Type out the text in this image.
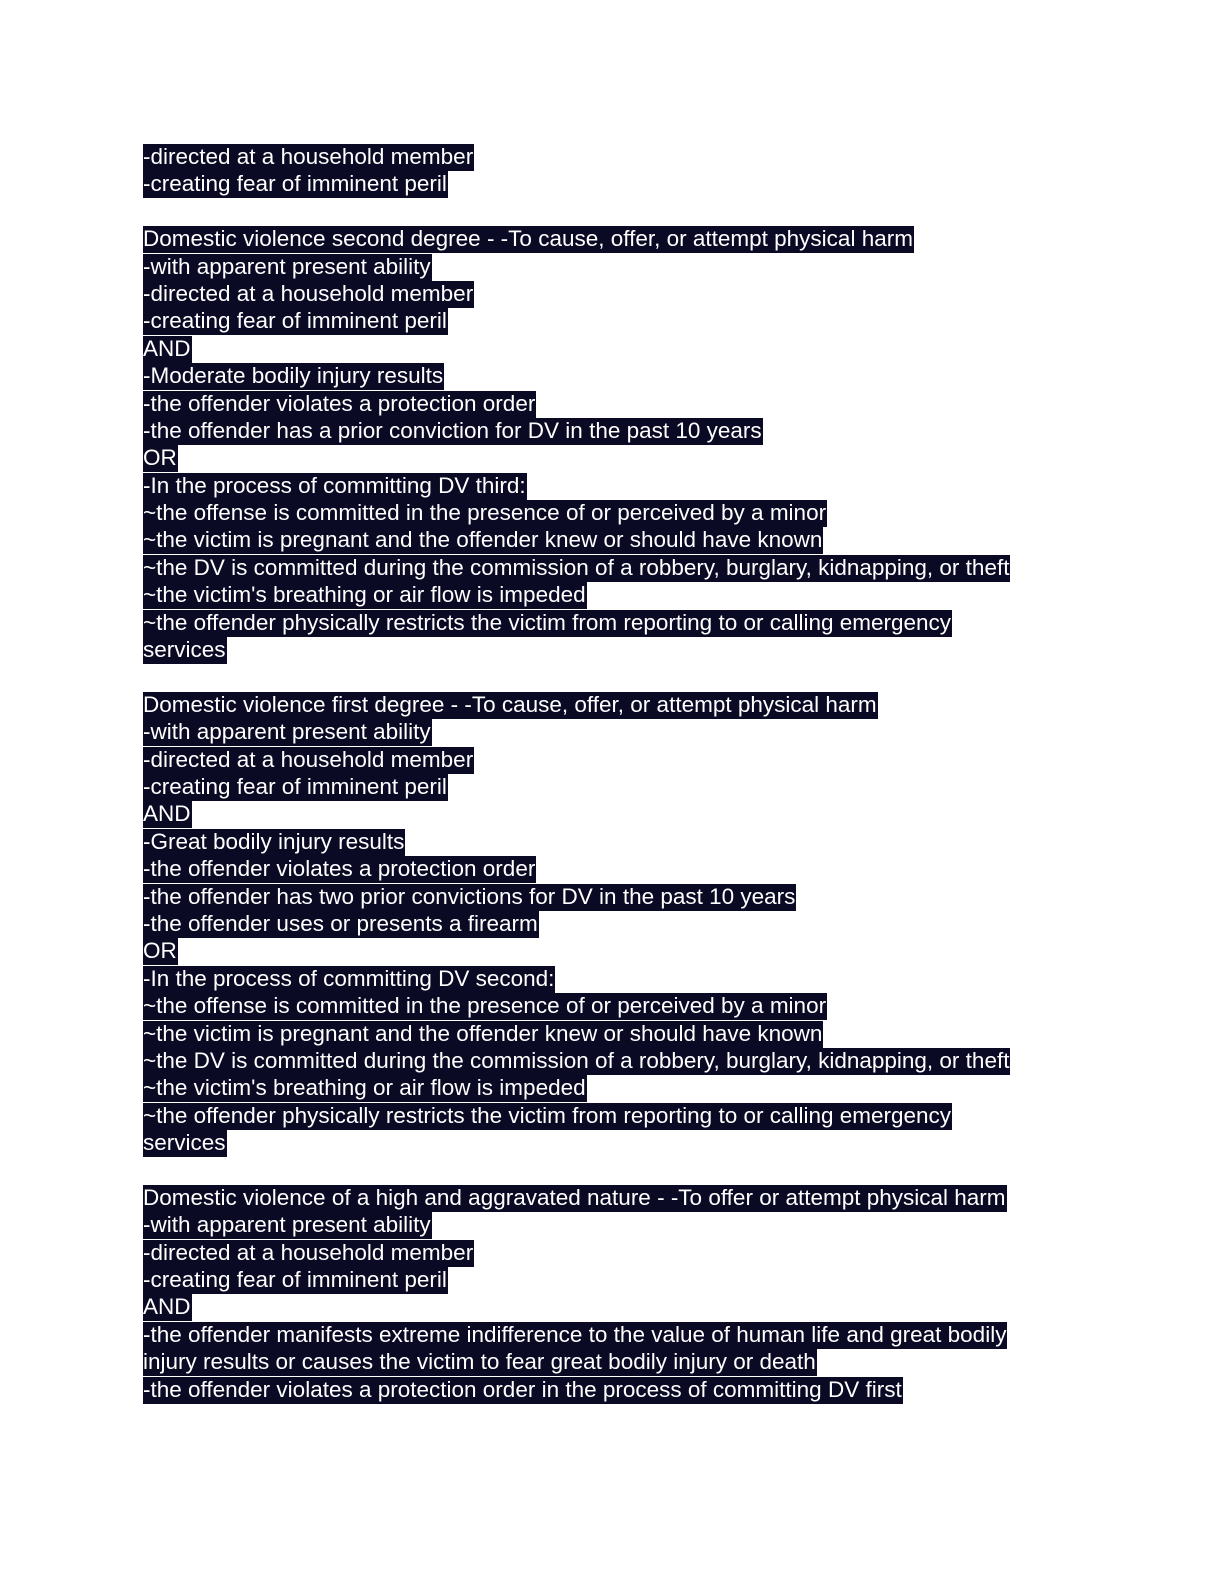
-directed at a household member
-creating fear of imminent peril
Domestic violence second degree - -To cause, offer, or attempt physical harm
-with apparent present ability
-directed at a household member
-creating fear of imminent peril
AND
-Moderate bodily injury results
-the offender violates a protection order
-the offender has a prior conviction for DV in the past 10 years
OR
-In the process of committing DV third:
~the offense is committed in the presence of or perceived by a minor
~the victim is pregnant and the offender knew or should have known
~the DV is committed during the commission of a robbery, burglary, kidnapping, or theft
~the victim's breathing or air flow is impeded
~the offender physically restricts the victim from reporting to or calling emergency
services
Domestic violence first degree - -To cause, offer, or attempt physical harm
-with apparent present ability
-directed at a household member
-creating fear of imminent peril
AND
-Great bodily injury results
-the offender violates a protection order
-the offender has two prior convictions for DV in the past 10 years
-the offender uses or presents a firearm
OR
-In the process of committing DV second:
~the offense is committed in the presence of or perceived by a minor
~the victim is pregnant and the offender knew or should have known
~the DV is committed during the commission of a robbery, burglary, kidnapping, or theft
~the victim's breathing or air flow is impeded
~the offender physically restricts the victim from reporting to or calling emergency
services
Domestic violence of a high and aggravated nature - -To offer or attempt physical harm
-with apparent present ability
-directed at a household member
-creating fear of imminent peril
AND
-the offender manifests extreme indifference to the value of human life and great bodily
injury results or causes the victim to fear great bodily injury or death
-the offender violates a protection order in the process of committing DV first
